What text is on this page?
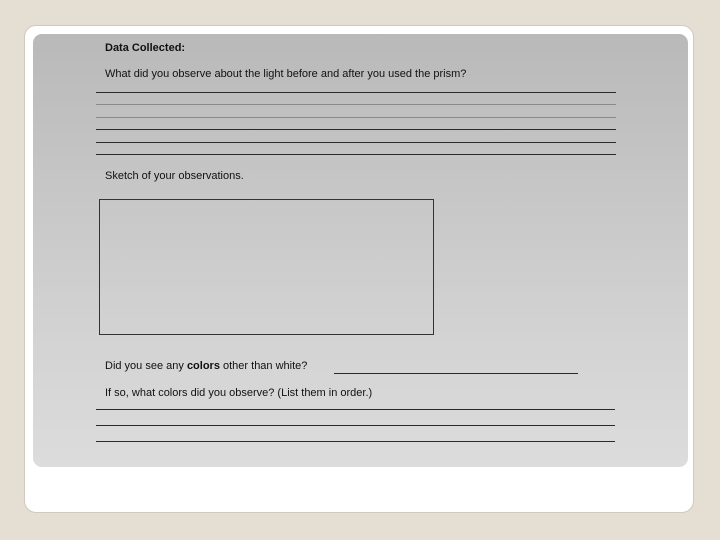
Data Collected:
What did you observe about the light before and after you used the prism?
Sketch of your observations.
Did you see any colors other than white?
If so, what colors did you observe? (List them in order.)
